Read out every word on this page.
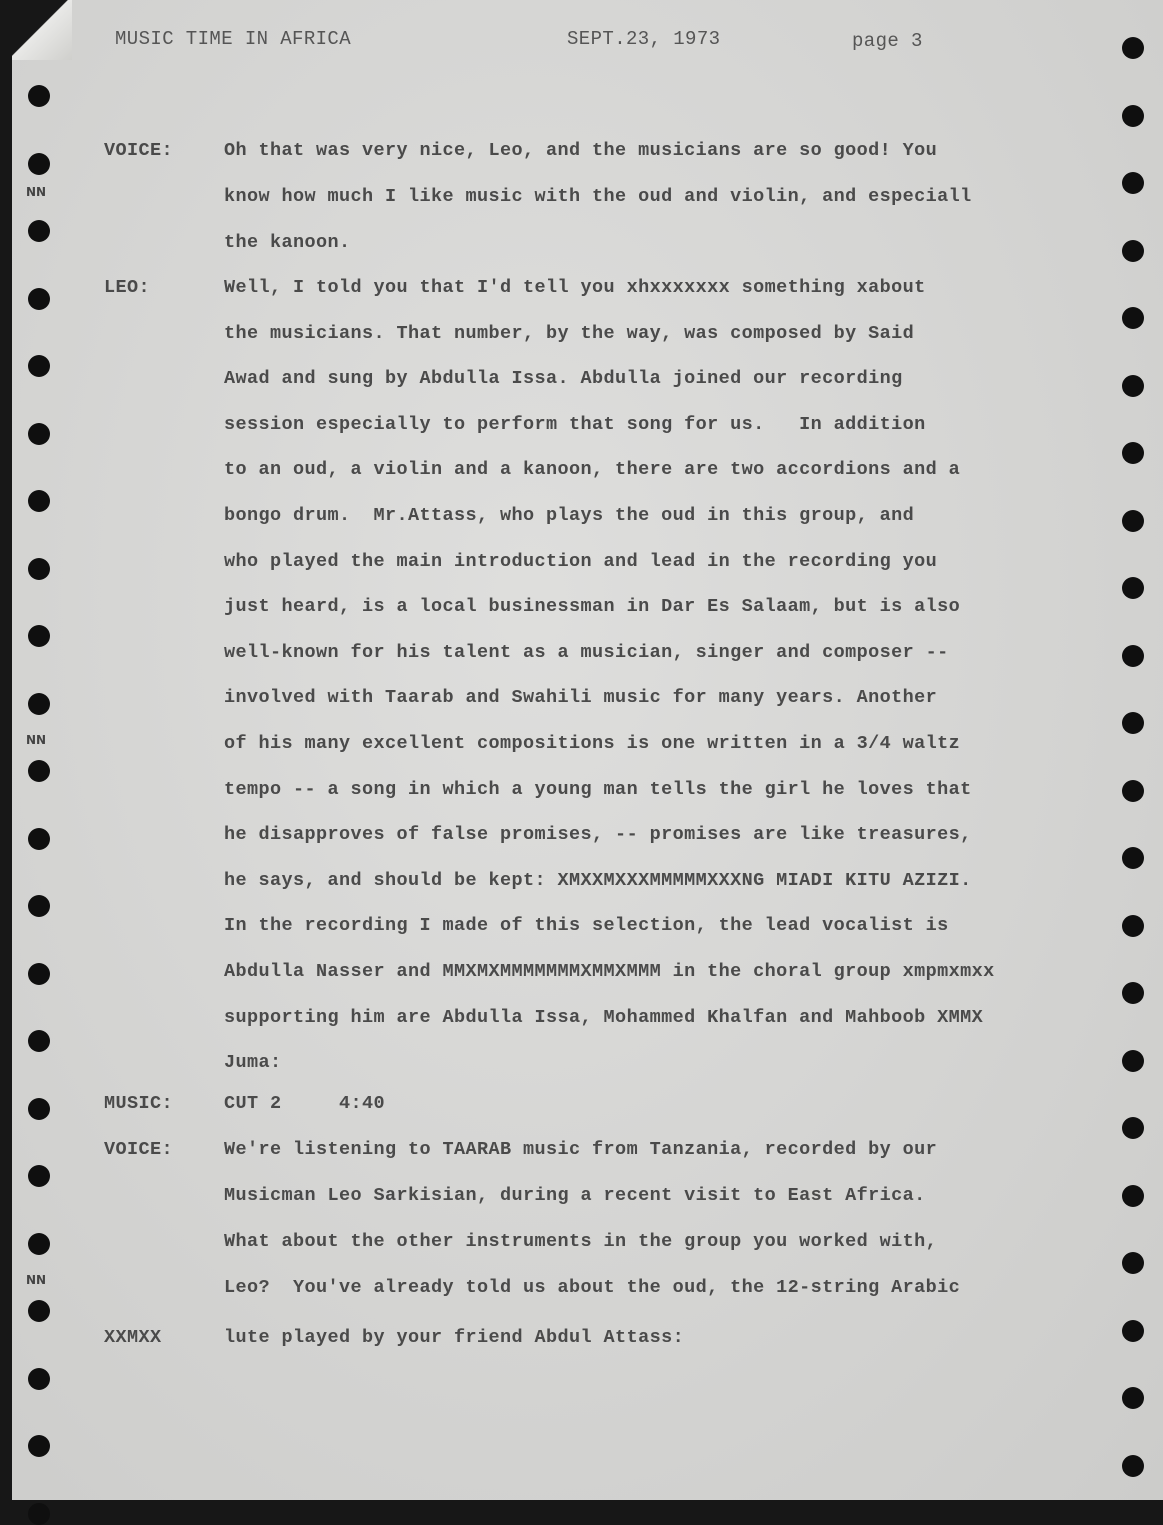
MUSIC TIME IN AFRICA	SEPT.23, 1973	page 3
VOICE:	Oh that was very nice, Leo, and the musicians are so good! You
know how much I like music with the oud and violin, and especiall
the kanoon.
LEO:	Well, I told you that I'd tell you xhxxxxxxx something xabout
the musicians. That number, by the way, was composed by Said
Awad and sung by Abdulla Issa. Abdulla joined our recording
session especially to perform that song for us.   In addition
to an oud, a violin and a kanoon, there are two accordions and a
bongo drum.  Mr.Attass, who plays the oud in this group, and
who played the main introduction and lead in the recording you
just heard, is a local businessman in Dar Es Salaam, but is also
well-known for his talent as a musician, singer and composer --
involved with Taarab and Swahili music for many years. Another
of his many excellent compositions is one written in a 3/4 waltz
tempo -- a song in which a young man tells the girl he loves that
he disapproves of false promises, -- promises are like treasures,
he says, and should be kept: XMXXMXXXMMMMMXXXNG MIADI KITU AZIZI.
In the recording I made of this selection, the lead vocalist is
Abdulla Nasser and MMXMXMMMMMMMXMMXMMM in the choral group xmpmxmxx
supporting him are Abdulla Issa, Mohammed Khalfan and Mahboob XMMX
Juma:
MUSIC:	CUT 2     4:40
VOICE:	We're listening to TAARAB music from Tanzania, recorded by our
Musicman Leo Sarkisian, during a recent visit to East Africa.
What about the other instruments in the group you worked with,
Leo?  You've already told us about the oud, the 12-string Arabic
XXMXX	lute played by your friend Abdul Attass:
NN
NN
NN
